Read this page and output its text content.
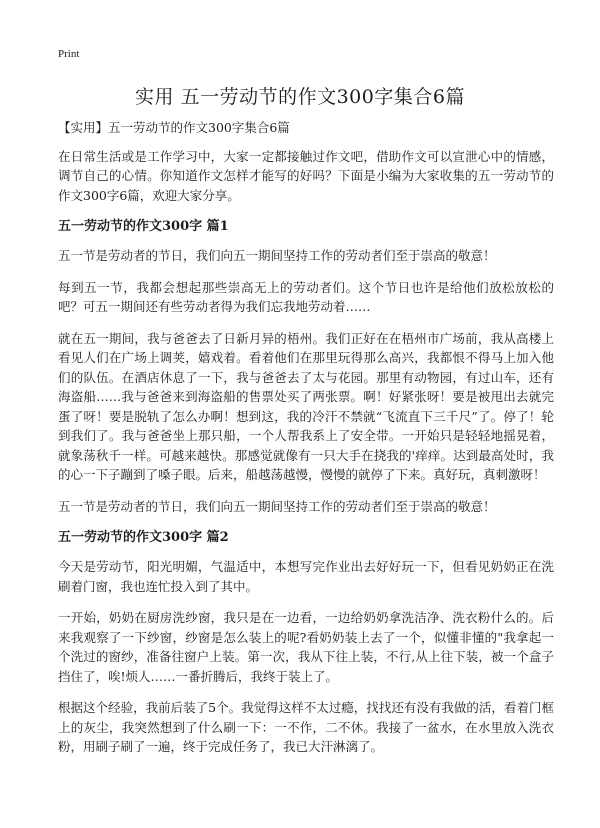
Print
实用 五一劳动节的作文300字集合6篇

【实用】五一劳动节的作文300字集合6篇

在日常生活或是工作学习中，大家一定都接触过作文吧，借助作文可以宣泄心中的情感，调节自己的心情。你知道作文怎样才能写的好吗？下面是小编为大家收集的五一劳动节的作文300字6篇，欢迎大家分享。

五一劳动节的作文300字 篇1

五一节是劳动者的节日，我们向五一期间坚持工作的劳动者们至于崇高的敬意！

每到五一节，我都会想起那些崇高无上的劳动者们。这个节日也许是给他们放松放松的吧？可五一期间还有些劳动者得为我们忘我地劳动着……

就在五一期间，我与爸爸去了日新月异的梧州。我们正好在在梧州市广场前，我从高楼上看见人们在广场上调荚，嬉戏着。看着他们在那里玩得那么高兴，我都恨不得马上加入他们的队伍。在酒店休息了一下，我与爸爸去了太与花园。那里有动物园，有过山车，还有海盗船……我与爸爸来到海盗船的售票处买了两张票。啊！好紧张呀！要是被甩出去就完蛋了呀！要是脱轨了怎么办啊！想到这，我的冷汗不禁就“飞流直下三千尺”了。停了！轮到我们了。我与爸爸坐上那只船，一个人帮我系上了安全带。一开始只是轻轻地摇晃着，就象荡秋千一样。可越来越快。那感觉就像有一只大手在挠我的'痒痒。达到最高处时，我的心一下子蹦到了嗓子眼。后来，船越荡越慢，慢慢的就停了下来。真好玩，真刺激呀！

五一节是劳动者的节日，我们向五一期间坚持工作的劳动者们至于崇高的敬意！

五一劳动节的作文300字 篇2

今天是劳动节，阳光明媚，气温适中，本想写完作业出去好好玩一下，但看见奶奶正在洗刷着门窗，我也连忙投入到了其中。

一开始，奶奶在厨房洗纱窗，我只是在一边看，一边给奶奶拿洗洁净、洗衣粉什么的。后来我观察了一下纱窗，纱窗是怎么装上的呢?看奶奶装上去了一个，似懂非懂的"我拿起一个洗过的窗纱，准备往窗户上装。第一次，我从下往上装，不行,从上往下装，被一个盒子挡住了，唉!烦人……一番折腾后，我终于装上了。

根据这个经验，我前后装了5个。我觉得这样不太过瘾，找找还有没有我做的活，看着门框上的灰尘，我突然想到了什么刷一下：一不作，二不休。我接了一盆水，在水里放入洗衣粉，用刷子刷了一遍，终于完成任务了，我已大汗淋漓了。
